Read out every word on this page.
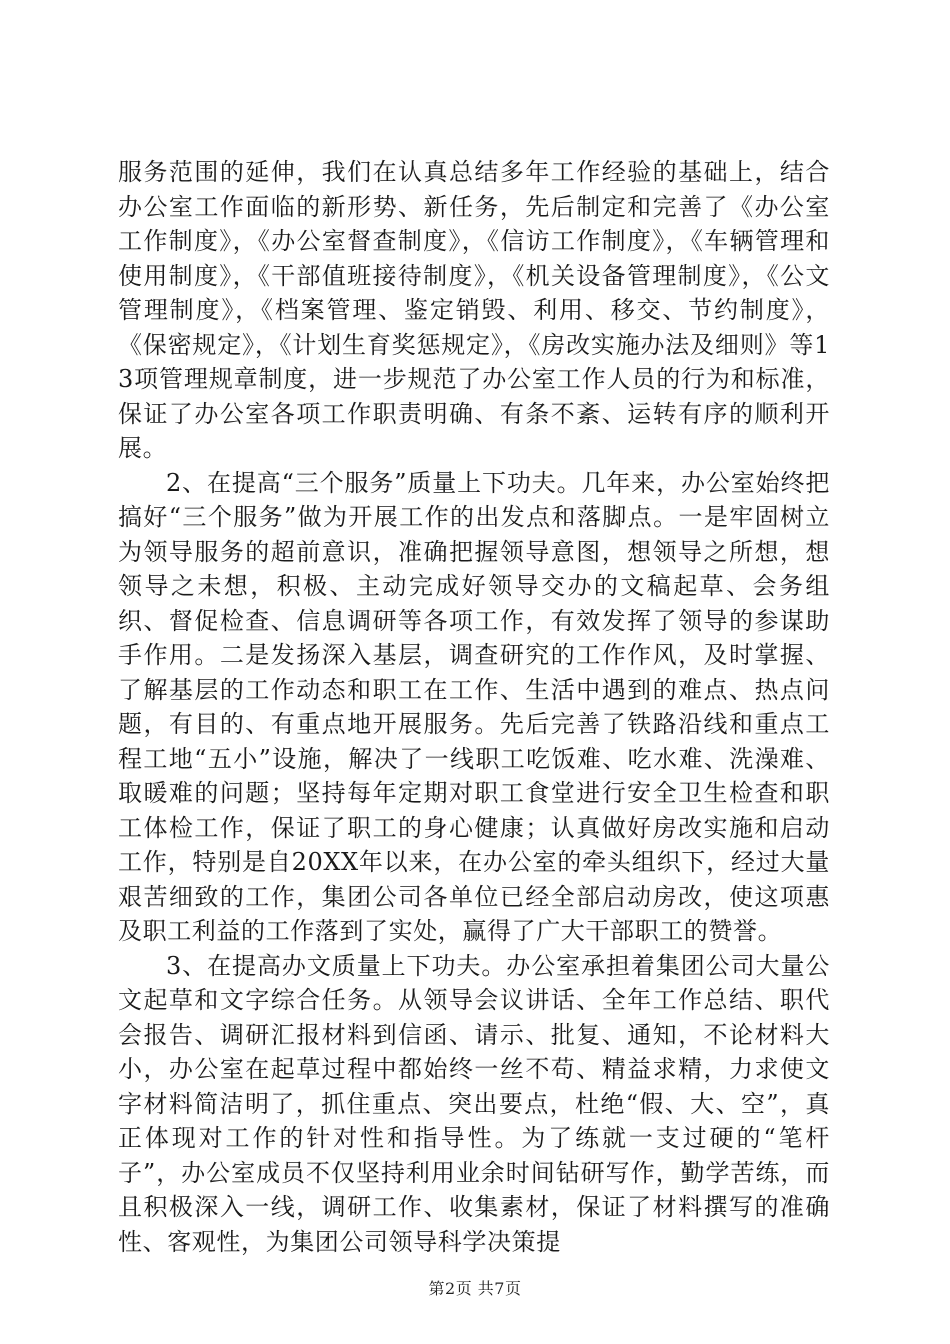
服务范围的延伸，我们在认真总结多年工作经验的基础上，结合办公室工作面临的新形势、新任务，先后制定和完善了《办公室工作制度》，《办公室督查制度》，《信访工作制度》，《车辆管理和使用制度》，《干部值班接待制度》，《机关设备管理制度》，《公文管理制度》，《档案管理、鉴定销毁、利用、移交、节约制度》，《保密规定》，《计划生育奖惩规定》，《房改实施办法及细则》等13项管理规章制度，进一步规范了办公室工作人员的行为和标准，保证了办公室各项工作职责明确、有条不紊、运转有序的顺利开展。

2、在提高“三个服务”质量上下功夫。几年来，办公室始终把搞好“三个服务”做为开展工作的出发点和落脚点。一是牢固树立为领导服务的超前意识，准确把握领导意图，想领导之所想，想领导之未想，积极、主动完成好领导交办的文稿起草、会务组织、督促检查、信息调研等各项工作，有效发挥了领导的参谋助手作用。二是发扬深入基层，调查研究的工作作风，及时掌握、了解基层的工作动态和职工在工作、生活中遇到的难点、热点问题，有目的、有重点地开展服务。先后完善了铁路沿线和重点工程工地“五小”设施，解决了一线职工吃饭难、吃水难、洗澡难、取暖难的问题；坚持每年定期对职工食堂进行安全卫生检查和职工体检工作，保证了职工的身心健康；认真做好房改实施和启动工作，特别是自20XX年以来，在办公室的牵头组织下，经过大量艰苦细致的工作，集团公司各单位已经全部启动房改，使这项惠及职工利益的工作落到了实处，赢得了广大干部职工的赞誉。

3、在提高办文质量上下功夫。办公室承担着集团公司大量公文起草和文字综合任务。从领导会议讲话、全年工作总结、职代会报告、调研汇报材料到信函、请示、批复、通知，不论材料大小，办公室在起草过程中都始终一丝不苟、精益求精，力求使文字材料简洁明了，抓住重点、突出要点，杜绝“假、大、空”，真正体现对工作的针对性和指导性。为了练就一支过硬的“笔杆子”，办公室成员不仅坚持利用业余时间钻研写作，勤学苦练，而且积极深入一线，调研工作、收集素材，保证了材料撰写的准确性、客观性，为集团公司领导科学决策提

第2页 共7页
